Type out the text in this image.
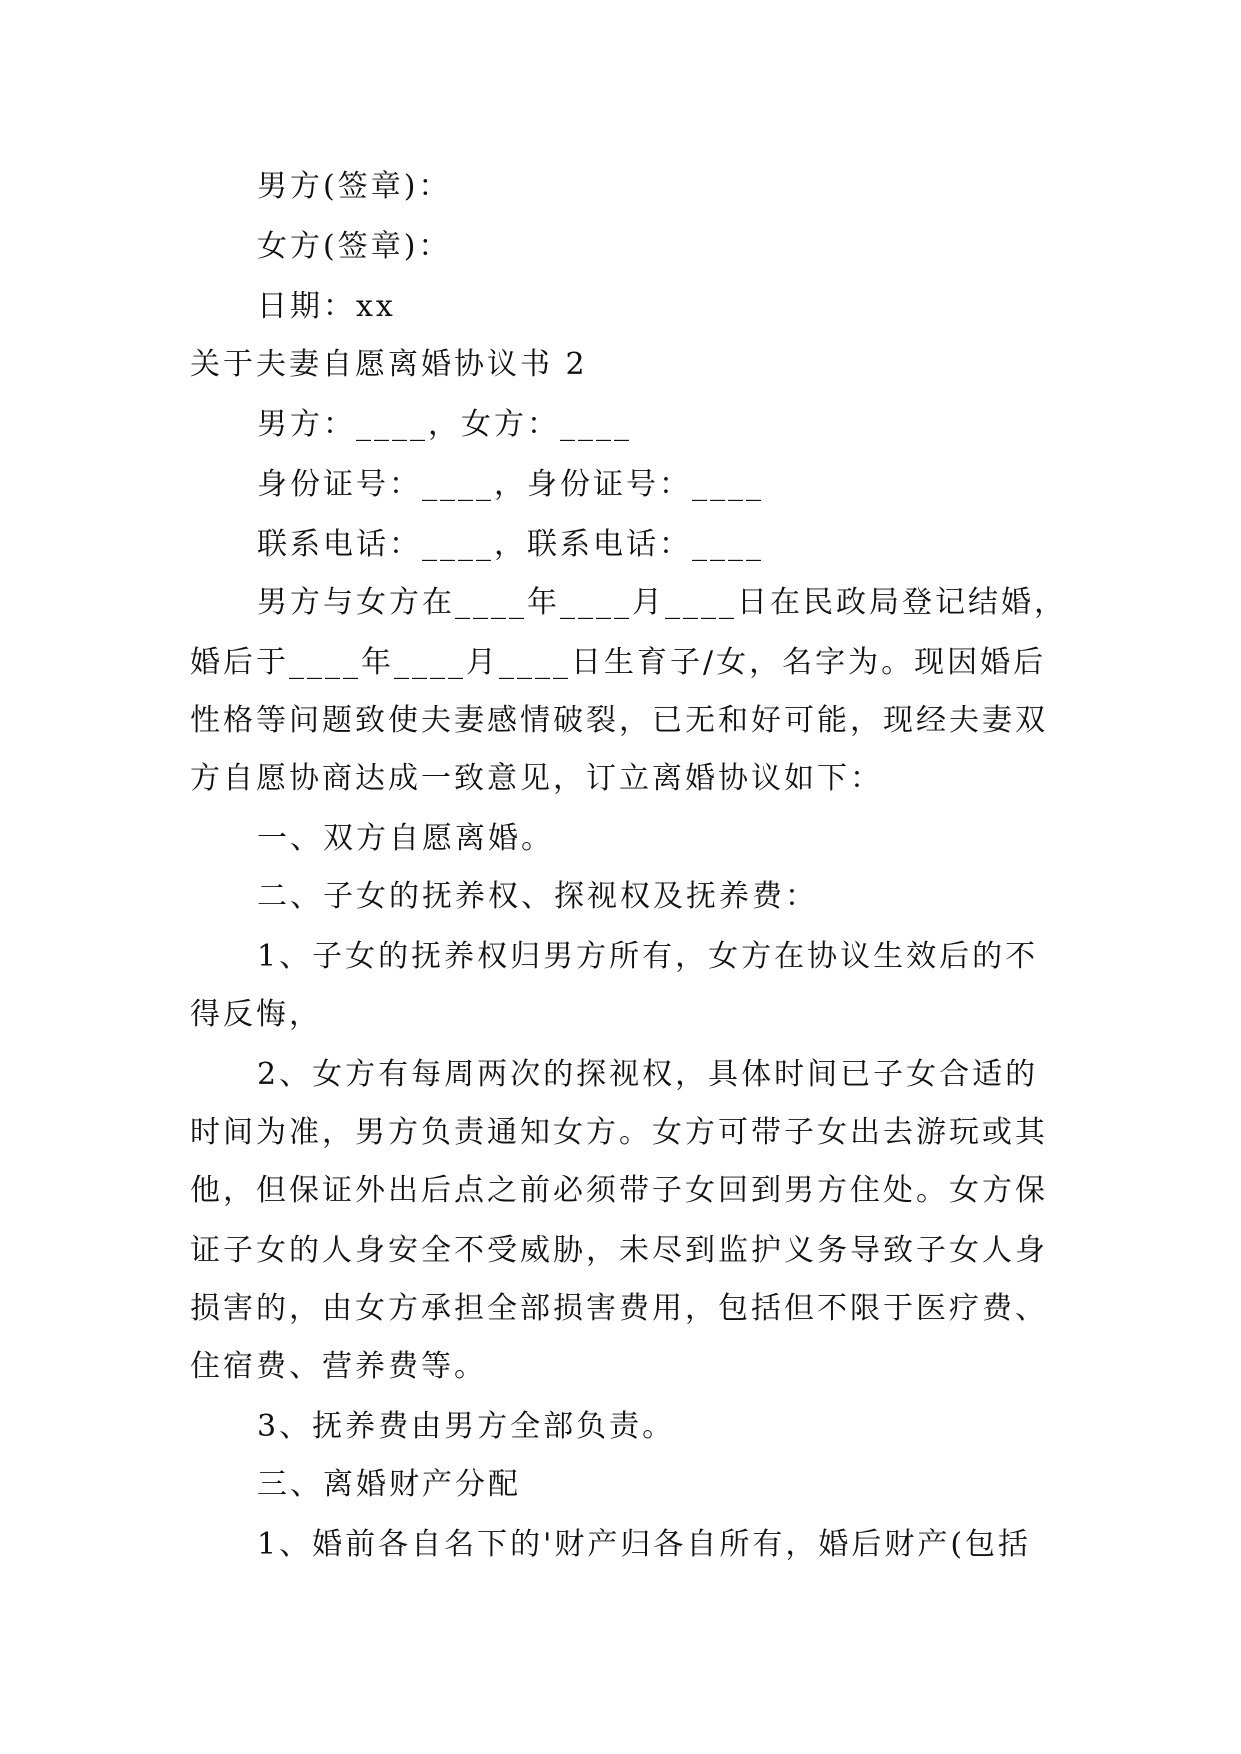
男方(签章)：
女方(签章)：
日期：xx
关于夫妻自愿离婚协议书 2
男方：____，女方：____
身份证号：____，身份证号：____
联系电话：____，联系电话：____
男方与女方在____年____月____日在民政局登记结婚，
婚后于____年____月____日生育子/女，名字为。现因婚后
性格等问题致使夫妻感情破裂，已无和好可能，现经夫妻双
方自愿协商达成一致意见，订立离婚协议如下：
一、双方自愿离婚。
二、子女的抚养权、探视权及抚养费：
1、子女的抚养权归男方所有，女方在协议生效后的不
得反悔，
2、女方有每周两次的探视权，具体时间已子女合适的
时间为准，男方负责通知女方。女方可带子女出去游玩或其
他，但保证外出后点之前必须带子女回到男方住处。女方保
证子女的人身安全不受威胁，未尽到监护义务导致子女人身
损害的，由女方承担全部损害费用，包括但不限于医疗费、
住宿费、营养费等。
3、抚养费由男方全部负责。
三、离婚财产分配
1、婚前各自名下的'财产归各自所有，婚后财产(包括
